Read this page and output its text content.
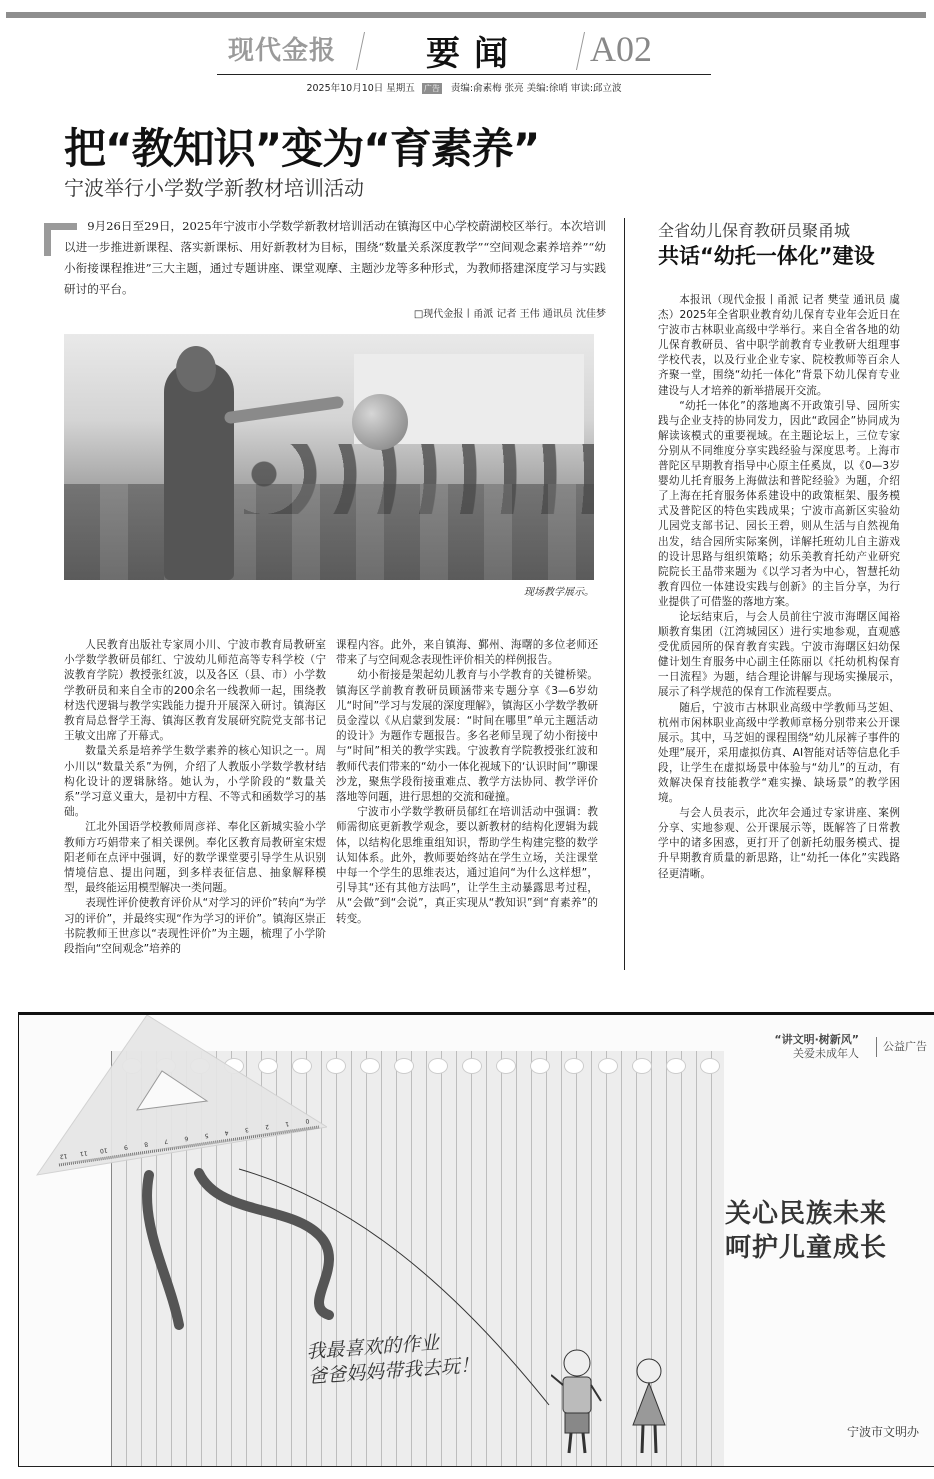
现代金报	要闻 A02
2025年10月10日 星期五 广告 责编:俞素梅 张亮 美编:徐哨 审读:邱立波
把“教知识”变为“育素养”
宁波举行小学数学新教材培训活动
9月26日至29日，2025年宁波市小学数学新教材培训活动在镇海区中心学校蔚湖校区举行。本次培训以进一步推进新课程、落实新课标、用好新教材为目标，围绕“数量关系深度教学”“空间观念素养培养”“幼小衔接课程推进”三大主题，通过专题讲座、课堂观摩、主题沙龙等多种形式，为教师搭建深度学习与实践研讨的平台。
□现代金报丨甬派 记者 王伟 通讯员 沈佳梦
现场教学展示。

人民教育出版社专家周小川、宁波市教育局教研室小学数学教研员郁红、宁波幼儿师范高等专科学校（宁波教育学院）教授张红波，以及各区（县、市）小学数学教研员和来自全市的200余名一线教师一起，围绕教材迭代逻辑与教学实践能力提升开展深入研讨。镇海区教育局总督学王海、镇海区教育发展研究院党支部书记王敏文出席了开幕式。

数量关系是培养学生数学素养的核心知识之一。周小川以“数量关系”为例，介绍了人教版小学数学教材结构化设计的逻辑脉络。她认为，小学阶段的“数量关系”学习意义重大，是初中方程、不等式和函数学习的基础。

江北外国语学校教师周彦祥、奉化区新城实验小学教师方巧娟带来了相关课例。奉化区教育局教研室宋煜阳老师在点评中强调，好的数学课堂要引导学生从识别情境信息、提出问题，到多样表征信息、抽象解释模型，最终能运用模型解决一类问题。

表现性评价使教育评价从“对学习的评价”转向“为学习的评价”，并最终实现“作为学习的评价”。镇海区崇正书院教师王世彦以“表现性评价”为主题，梳理了小学阶段指向“空间观念”培养的

课程内容。此外，来自镇海、鄞州、海曙的多位老师还带来了与空间观念表现性评价相关的样例报告。

幼小衔接是架起幼儿教育与小学教育的关键桥梁。镇海区学前教育教研员顾涵带来专题分享《3—6岁幼儿“时间”学习与发展的深度理解》，镇海区小学数学教研员金滢以《从启蒙到发展：“时间在哪里”单元主题活动的设计》为题作专题报告。多名老师呈现了幼小衔接中与“时间”相关的教学实践。宁波教育学院教授张红波和教师代表们带来的“幼小一体化视域下的‘认识时间’”聊课沙龙，聚焦学段衔接重难点、教学方法协同、教学评价落地等问题，进行思想的交流和碰撞。

宁波市小学数学教研员郁红在培训活动中强调：教师需彻底更新教学观念，要以新教材的结构化逻辑为载体，以结构化思维重组知识，帮助学生构建完整的数学认知体系。此外，教师要始终站在学生立场，关注课堂中每一个学生的思维表达，通过追问“为什么这样想”，引导其“还有其他方法吗”，让学生主动暴露思考过程，从“会做”到“会说”，真正实现从“教知识”到“育素养”的转变。

全省幼儿保育教研员聚甬城
共话“幼托一体化”建设

本报讯（现代金报丨甬派 记者 樊莹 通讯员 虞杰）2025年全省职业教育幼儿保育专业年会近日在宁波市古林职业高级中学举行。来自全省各地的幼儿保育教研员、省中职学前教育专业教研大组理事学校代表，以及行业企业专家、院校教师等百余人齐聚一堂，围绕“幼托一体化”背景下幼儿保育专业建设与人才培养的新举措展开交流。

“幼托一体化”的落地离不开政策引导、园所实践与企业支持的协同发力，因此“政园企”协同成为解读该模式的重要视域。在主题论坛上，三位专家分别从不同维度分享实践经验与深度思考。上海市普陀区早期教育指导中心原主任奚岚，以《0—3岁婴幼儿托育服务上海做法和普陀经验》为题，介绍了上海在托育服务体系建设中的政策框架、服务模式及普陀区的特色实践成果；宁波市高新区实验幼儿园党支部书记、园长王碧，则从生活与自然视角出发，结合园所实际案例，详解托班幼儿自主游戏的设计思路与组织策略；幼乐美教育托幼产业研究院院长王晶带来题为《以学习者为中心，智慧托幼教育四位一体建设实践与创新》的主旨分享，为行业提供了可借鉴的落地方案。

论坛结束后，与会人员前往宁波市海曙区闻裕顺教育集团（江湾城园区）进行实地参观，直观感受优质园所的保育教育实践。宁波市海曙区妇幼保健计划生育服务中心副主任陈丽以《托幼机构保育一日流程》为题，结合理论讲解与现场实操展示，展示了科学规范的保育工作流程要点。

随后，宁波市古林职业高级中学教师马芝妲、杭州市闲林职业高级中学教师章杨分别带来公开课展示。其中，马芝妲的课程围绕“幼儿尿裤子事件的处理”展开，采用虚拟仿真、AI智能对话等信息化手段，让学生在虚拟场景中体验与“幼儿”的互动，有效解决保育技能教学“难实操、缺场景”的教学困境。

与会人员表示，此次年会通过专家讲座、案例分享、实地参观、公开课展示等，既解答了日常教学中的诸多困惑，更打开了创新托幼服务模式、提升早期教育质量的新思路，让“幼托一体化”实践路径更清晰。

0
1
2
3
4
5
6
7
8
9
10
11
12
“讲文明·树新风”
关爱未成年人
公益广告
关心民族未来
呵护儿童成长
我最喜欢的作业
爸爸妈妈带我去玩！
宁波市文明办
